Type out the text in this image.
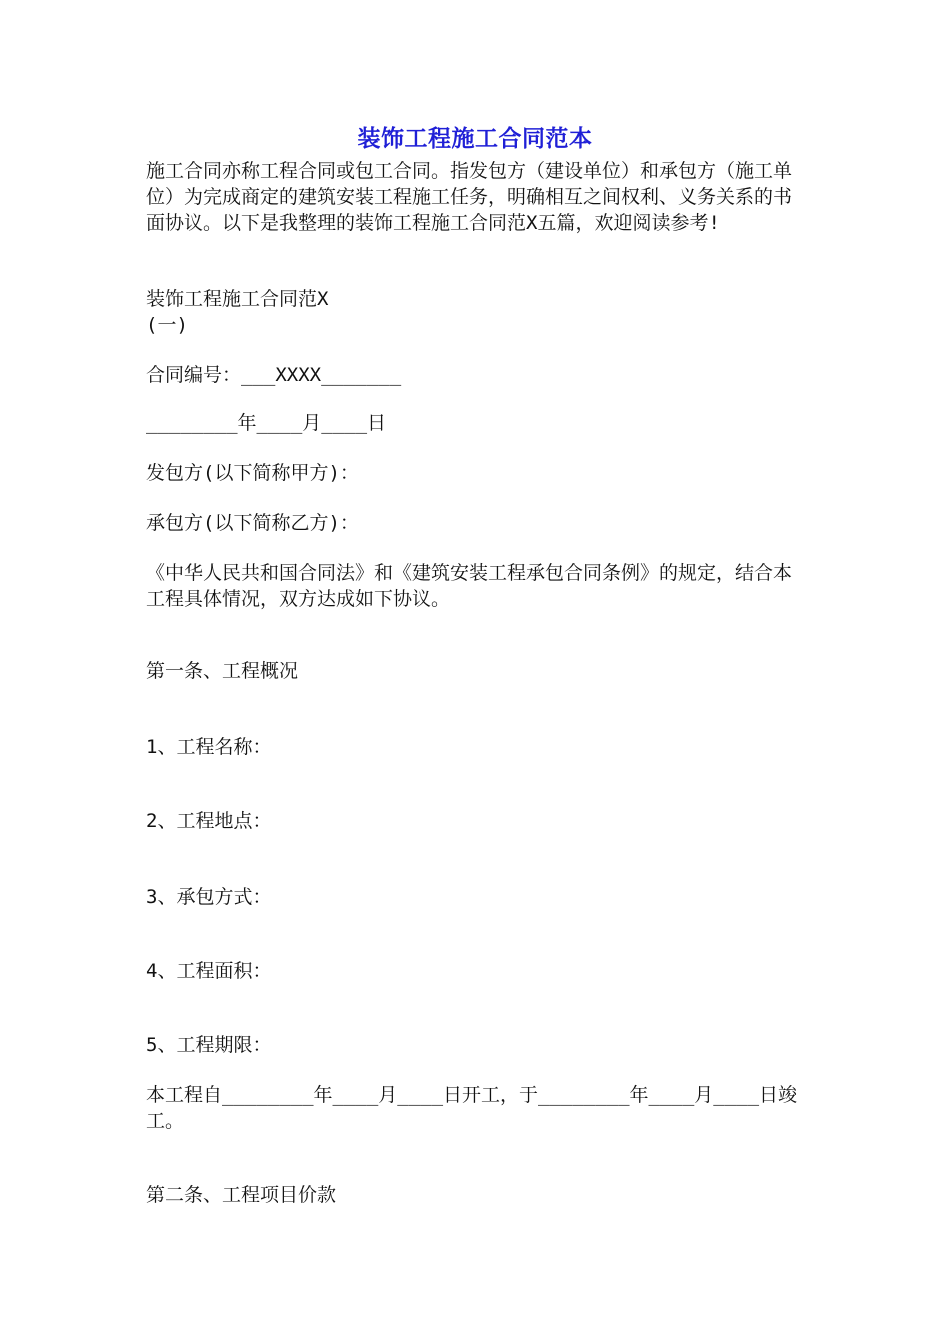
装饰工程施工合同范本
施工合同亦称工程合同或包工合同。指发包方（建设单位）和承包方（施工单位）为完成商定的建筑安装工程施工任务，明确相互之间权利、义务关系的书面协议。以下是我整理的装饰工程施工合同范X五篇，欢迎阅读参考!
装饰工程施工合同范X
(一)
合同编号：___XXXX_______
________年____月____日
发包方(以下简称甲方)：
承包方(以下简称乙方)：
《中华人民共和国合同法》和《建筑安装工程承包合同条例》的规定，结合本工程具体情况，双方达成如下协议。
第一条、工程概况
1、工程名称：
2、工程地点：
3、承包方式：
4、工程面积：
5、工程期限：
本工程自________年____月____日开工，于________年____月____日竣工。
第二条、工程项目价款
